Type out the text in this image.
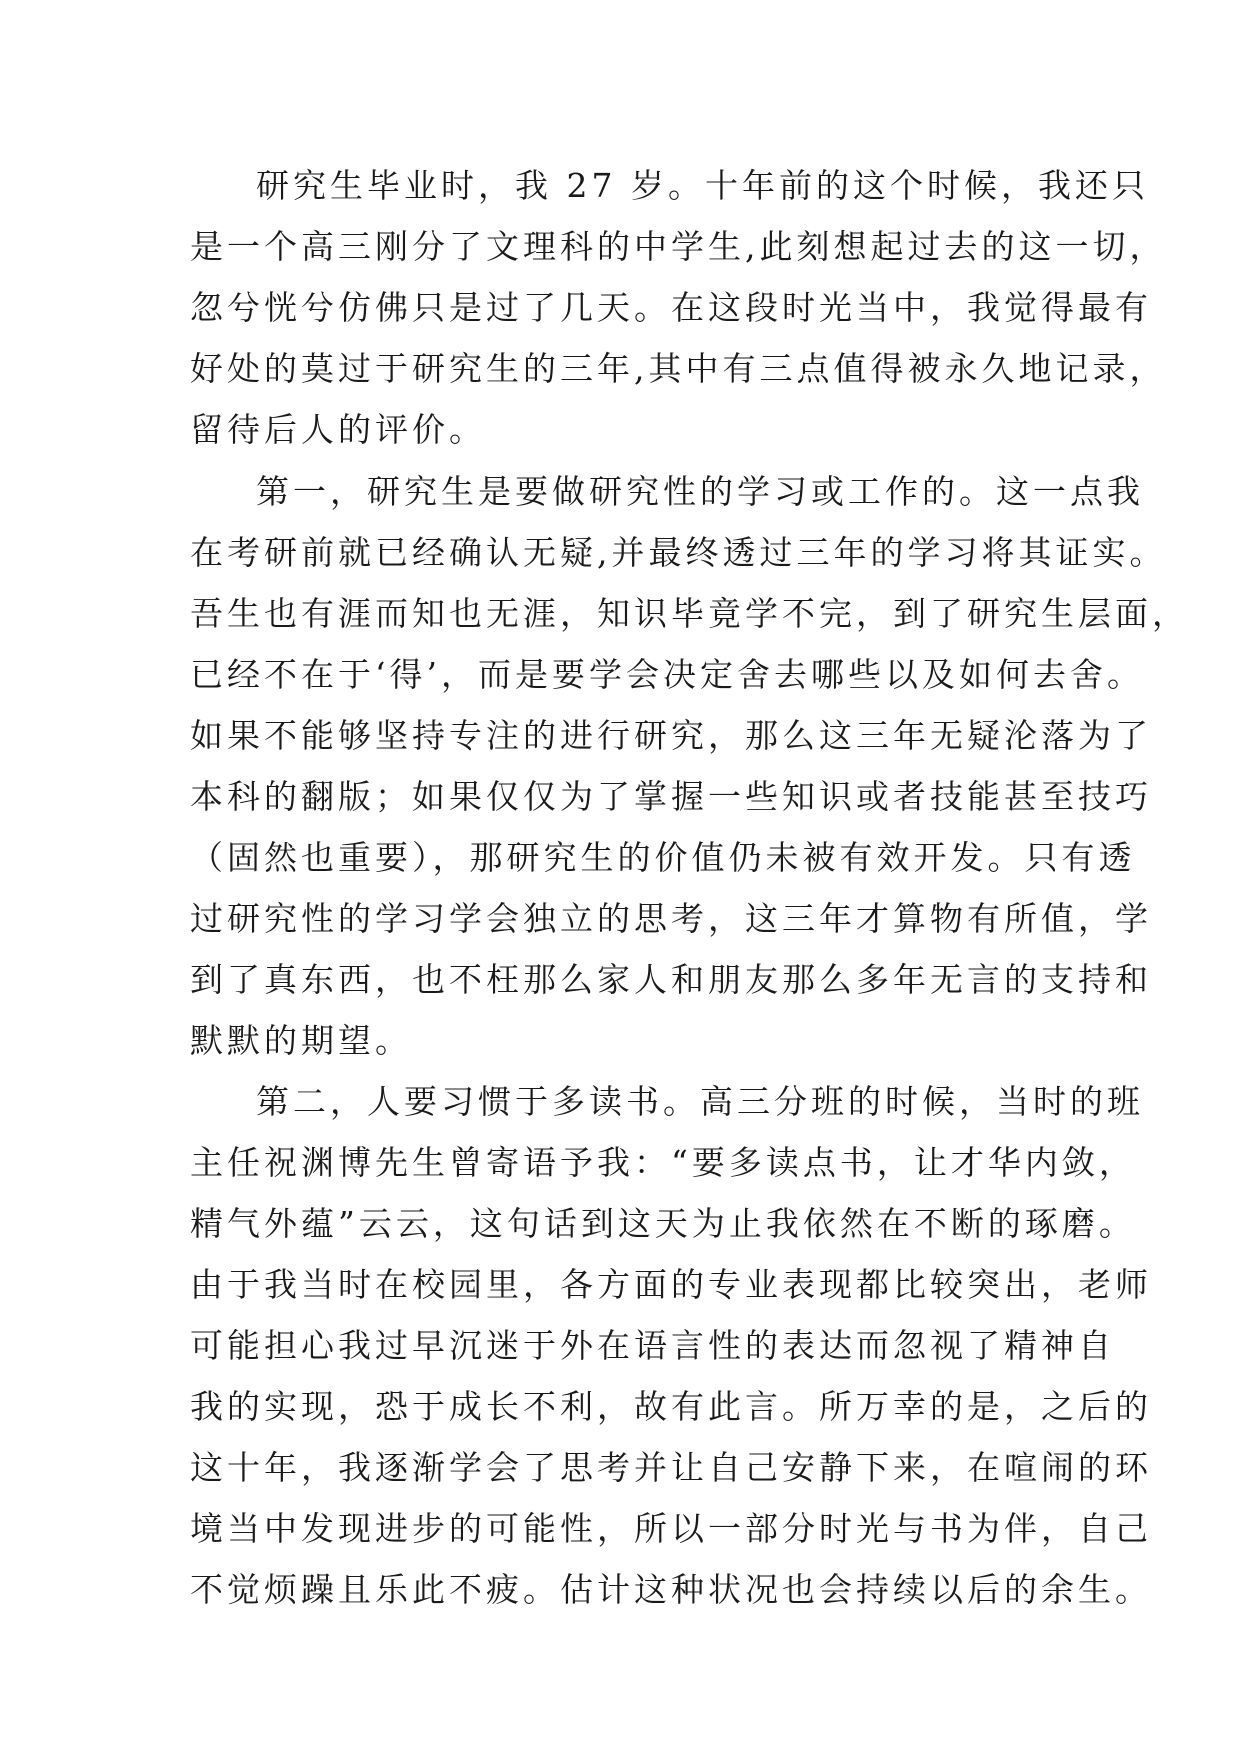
研究生毕业时，我 27 岁。十年前的这个时候，我还只
是一个高三刚分了文理科的中学生,此刻想起过去的这一切，
忽兮恍兮仿佛只是过了几天。在这段时光当中，我觉得最有
好处的莫过于研究生的三年,其中有三点值得被永久地记录，
留待后人的评价。
第一，研究生是要做研究性的学习或工作的。这一点我
在考研前就已经确认无疑,并最终透过三年的学习将其证实。
吾生也有涯而知也无涯，知识毕竟学不完，到了研究生层面，
已经不在于‘得’，而是要学会决定舍去哪些以及如何去舍。
如果不能够坚持专注的进行研究，那么这三年无疑沦落为了
本科的翻版；如果仅仅为了掌握一些知识或者技能甚至技巧
（固然也重要），那研究生的价值仍未被有效开发。只有透
过研究性的学习学会独立的思考，这三年才算物有所值，学
到了真东西，也不枉那么家人和朋友那么多年无言的支持和
默默的期望。
第二，人要习惯于多读书。高三分班的时候，当时的班
主任祝渊博先生曾寄语予我：“要多读点书，让才华内敛，
精气外蕴”云云，这句话到这天为止我依然在不断的琢磨。
由于我当时在校园里，各方面的专业表现都比较突出，老师
可能担心我过早沉迷于外在语言性的表达而忽视了精神自
我的实现，恐于成长不利，故有此言。所万幸的是，之后的
这十年，我逐渐学会了思考并让自己安静下来，在喧闹的环
境当中发现进步的可能性，所以一部分时光与书为伴，自己
不觉烦躁且乐此不疲。估计这种状况也会持续以后的余生。
